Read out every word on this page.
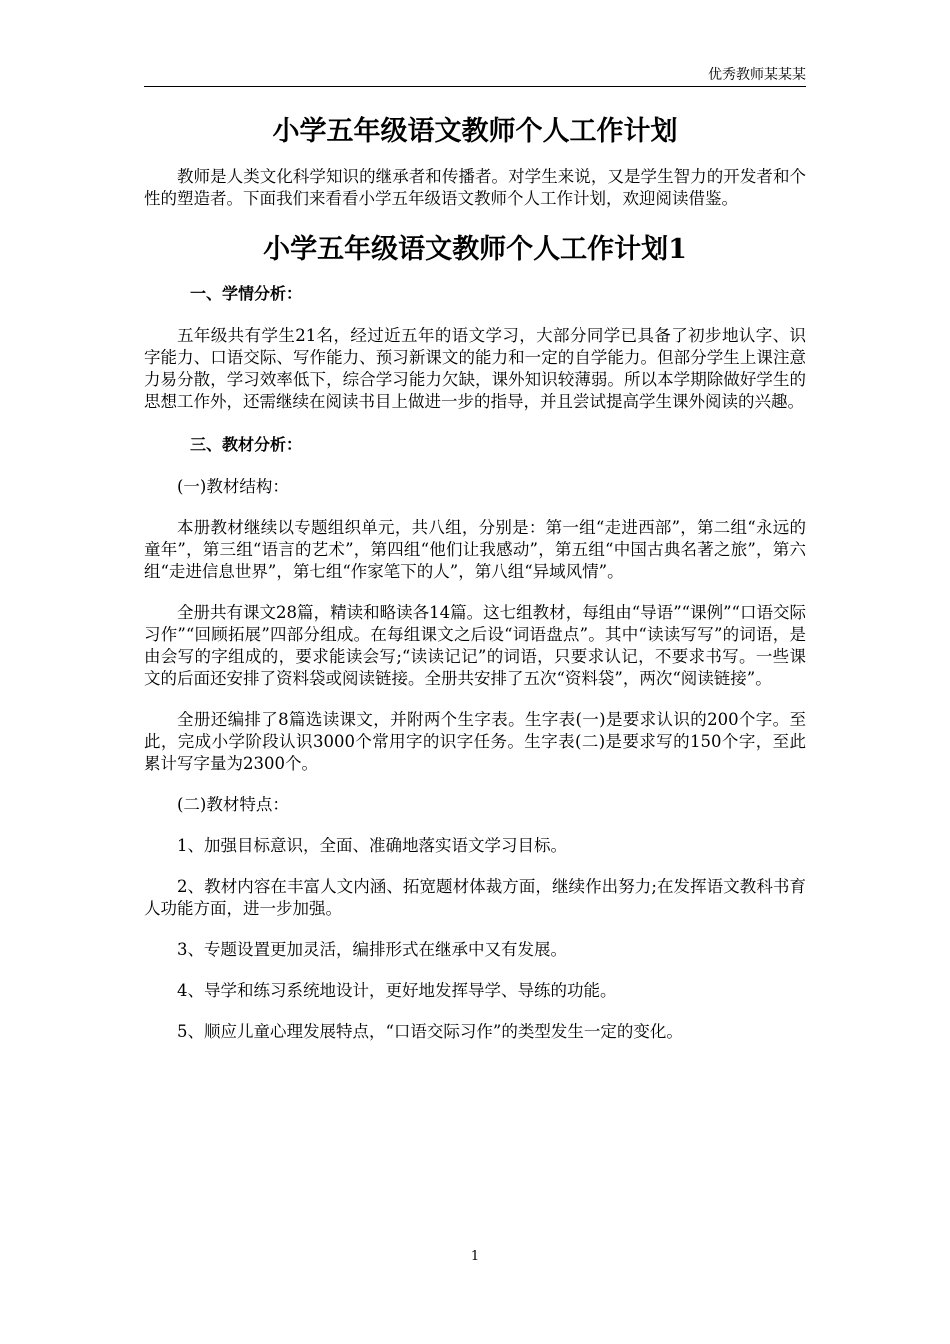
优秀教师某某某
小学五年级语文教师个人工作计划

教师是人类文化科学知识的继承者和传播者。对学生来说，又是学生智力的开发者和个性的塑造者。下面我们来看看小学五年级语文教师个人工作计划，欢迎阅读借鉴。

小学五年级语文教师个人工作计划1
一、学情分析：

五年级共有学生21名，经过近五年的语文学习，大部分同学已具备了初步地认字、识字能力、口语交际、写作能力、预习新课文的能力和一定的自学能力。但部分学生上课注意力易分散，学习效率低下，综合学习能力欠缺，课外知识较薄弱。所以本学期除做好学生的思想工作外，还需继续在阅读书目上做进一步的指导，并且尝试提高学生课外阅读的兴趣。

三、教材分析：

(一)教材结构：

本册教材继续以专题组织单元，共八组，分别是：第一组“走进西部”，第二组“永远的童年”，第三组“语言的艺术”，第四组“他们让我感动”，第五组“中国古典名著之旅”，第六组“走进信息世界”，第七组“作家笔下的人”，第八组“异域风情”。

全册共有课文28篇，精读和略读各14篇。这七组教材，每组由“导语”“课例”“口语交际习作”“回顾拓展”四部分组成。在每组课文之后设“词语盘点”。其中“读读写写”的词语，是由会写的字组成的，要求能读会写;“读读记记”的词语，只要求认记，不要求书写。一些课文的后面还安排了资料袋或阅读链接。全册共安排了五次“资料袋”，两次“阅读链接”。

全册还编排了8篇选读课文，并附两个生字表。生字表(一)是要求认识的200个字。至此，完成小学阶段认识3000个常用字的识字任务。生字表(二)是要求写的150个字，至此累计写字量为2300个。

(二)教材特点：

1、加强目标意识，全面、准确地落实语文学习目标。

2、教材内容在丰富人文内涵、拓宽题材体裁方面，继续作出努力;在发挥语文教科书育人功能方面，进一步加强。

3、专题设置更加灵活，编排形式在继承中又有发展。

4、导学和练习系统地设计，更好地发挥导学、导练的功能。

5、顺应儿童心理发展特点，“口语交际习作”的类型发生一定的变化。

1
